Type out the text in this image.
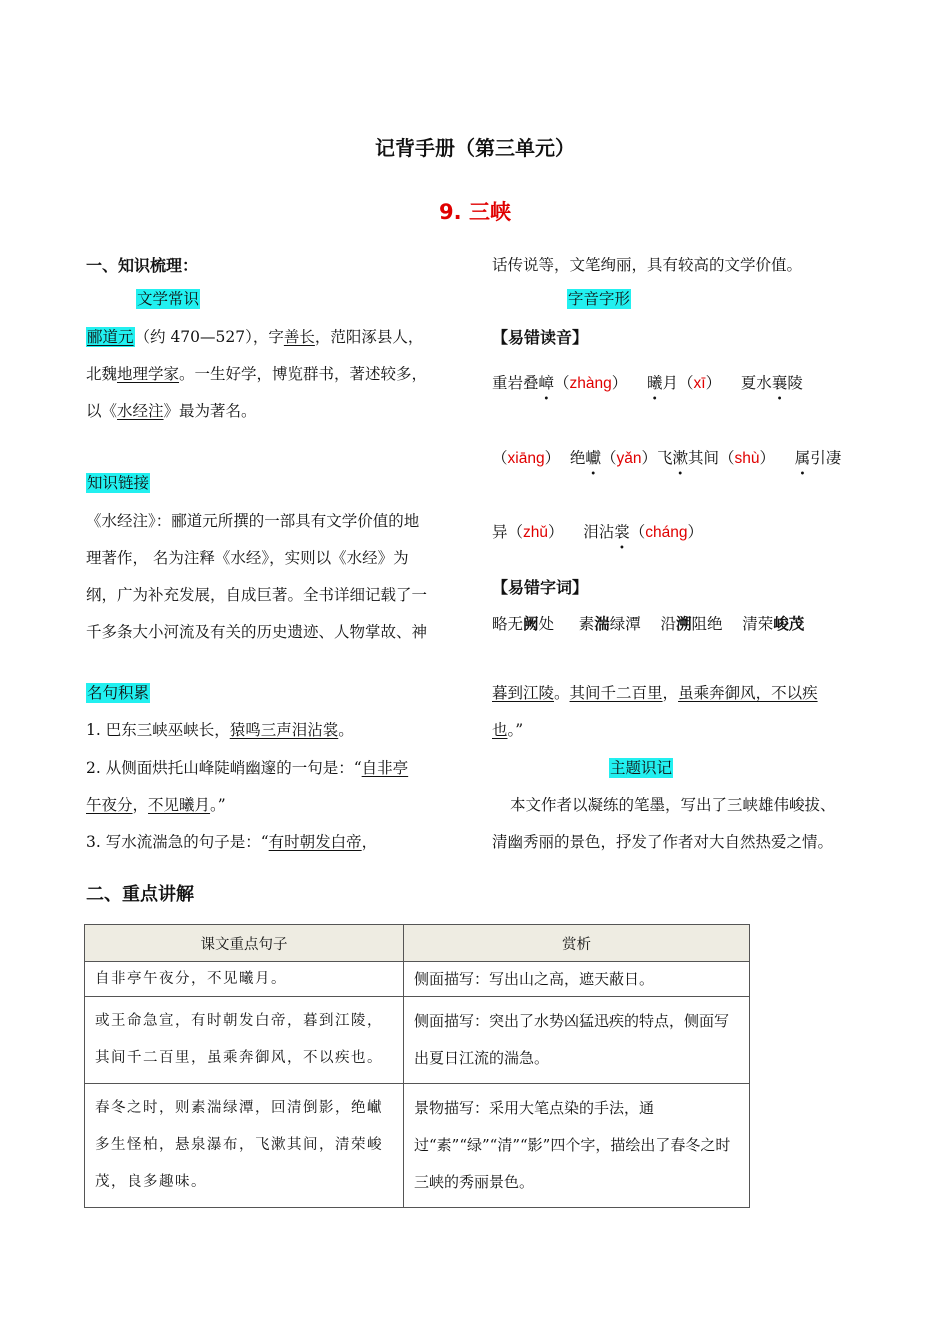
记背手册（第三单元）
9. 三峡
一、知识梳理：
文学常识
郦道元（约 470—527），字善长，范阳涿县人，
北魏地理学家。一生好学，博览群书，著述较多，
以《水经注》最为著名。
知识链接
《水经注》：郦道元所撰的一部具有文学价值的地
理著作， 名为注释《水经》，实则以《水经》为
纲，广为补充发展，自成巨著。全书详细记载了一
千多条大小河流及有关的历史遗迹、人物掌故、神
名句积累
1. 巴东三峡巫峡长，猿鸣三声泪沾裳。
2. 从侧面烘托山峰陡峭幽邃的一句是：“自非亭
午夜分，不见曦月。”
3. 写水流湍急的句子是：“有时朝发白帝，
话传说等，文笔绚丽，具有较高的文学价值。
字音字形
【易错读音】
重岩叠嶂（zhàng）    曦月（xī）    夏水襄陵
（xiāng）  绝巘（yǎn）飞漱其间（shù）    属引凄
异（zhǔ）    泪沾裳（cháng）
【易错字词】
略无阙处 素湍绿潭 沿溯阻绝 清荣峻茂
暮到江陵。其间千二百里，虽乘奔御风，不以疾
也。”
主题识记
本文作者以凝练的笔墨，写出了三峡雄伟峻拔、
清幽秀丽的景色，抒发了作者对大自然热爱之情。
二、重点讲解
课文重点句子	赏析
自非亭午夜分，不见曦月。	侧面描写：写出山之高，遮天蔽日。
或王命急宣，有时朝发白帝，暮到江陵，其间千二百里，虽乘奔御风，不以疾也。	侧面描写：突出了水势凶猛迅疾的特点，侧面写出夏日江流的湍急。
春冬之时，则素湍绿潭，回清倒影，绝𪩘多生怪柏，悬泉瀑布，飞漱其间，清荣峻茂，良多趣味。	景物描写：采用大笔点染的手法，通过“素”“绿”“清”“影”四个字，描绘出了春冬之时三峡的秀丽景色。
